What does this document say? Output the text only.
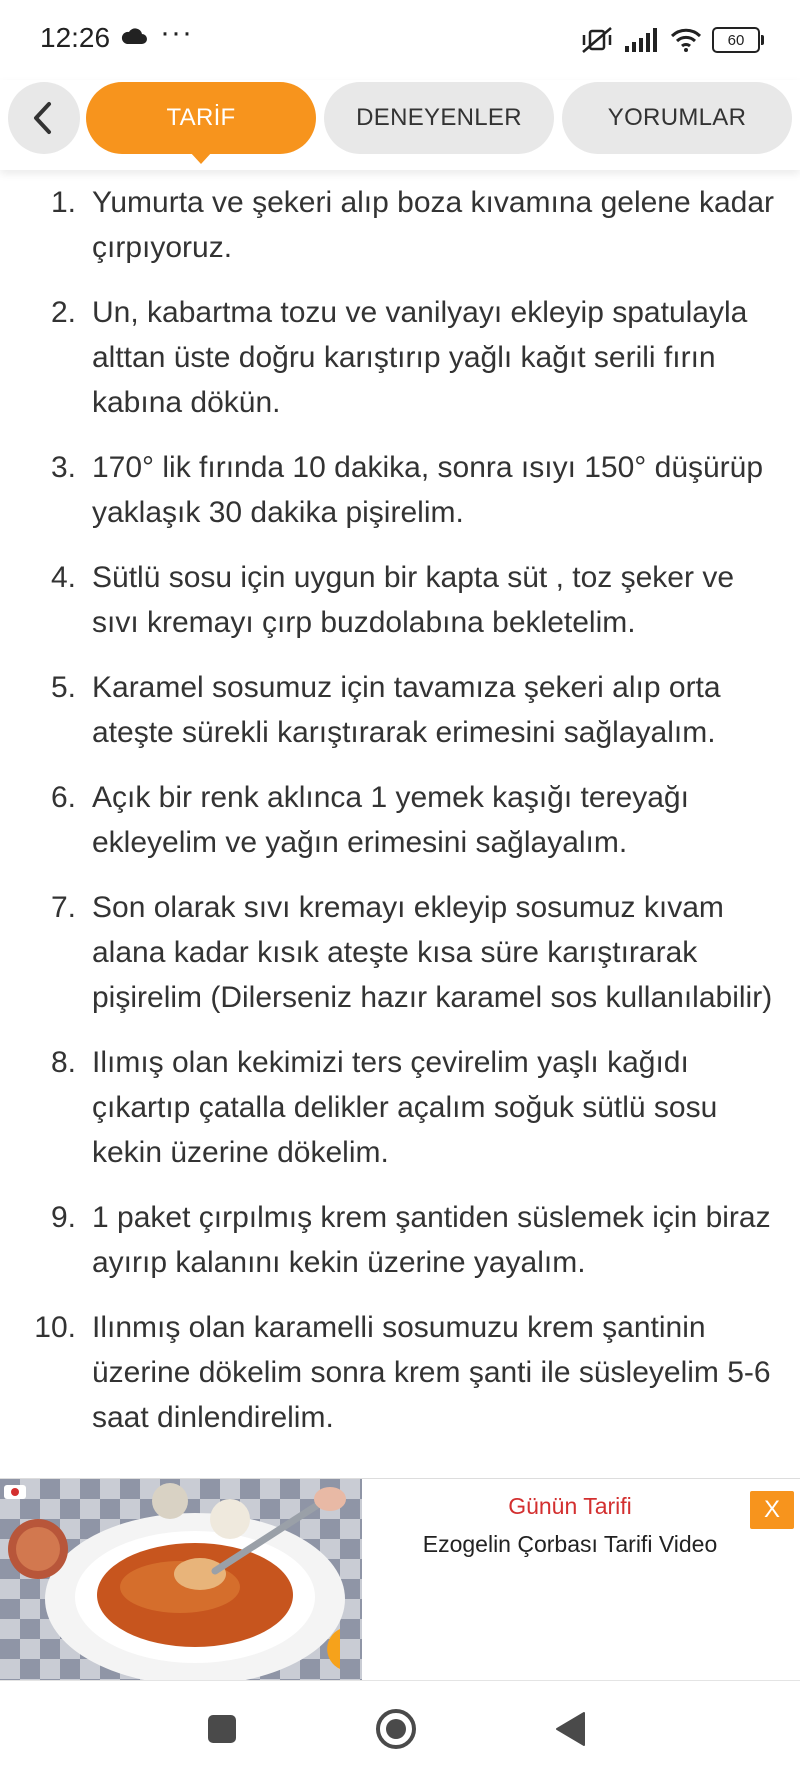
12:26 ···	60
TARİF	DENEYENLER	YORUMLAR
1. Yumurta ve şekeri alıp boza kıvamına gelene kadar çırpıyoruz.
2. Un, kabartma tozu ve vanilyayı ekleyip spatulayla alttan üste doğru karıştırıp yağlı kağıt serili fırın kabına dökün.
3. 170° lik fırında 10 dakika, sonra ısıyı 150° düşürüp yaklaşık 30 dakika pişirelim.
4. Sütlü sosu için uygun bir kapta süt , toz şeker ve sıvı kremayı çırp buzdolabına bekletelim.
5. Karamel sosumuz için tavamıza şekeri alıp orta ateşte sürekli karıştırarak erimesini sağlayalım.
6. Açık bir renk aklınca 1 yemek kaşığı tereyağı ekleyelim ve yağın erimesini sağlayalım.
7. Son olarak sıvı kremayı ekleyip sosumuz kıvam alana kadar kısık ateşte kısa süre karıştırarak pişirelim (Dilerseniz hazır karamel sos kullanılabilir)
8. Ilımış olan kekimizi ters çevirelim yaşlı kağıdı çıkartıp çatalla delikler açalım soğuk sütlü sosu kekin üzerine dökelim.
9. 1 paket çırpılmış krem şantiden süslemek için biraz ayırıp kalanını kekin üzerine yayalım.
10. Ilınmış olan karamelli sosumuzu krem şantinin üzerine dökelim sonra krem şanti ile süsleyelim 5-6 saat dinlendirelim.
Günün Tarifi
Ezogelin Çorbası Tarifi Video
X
